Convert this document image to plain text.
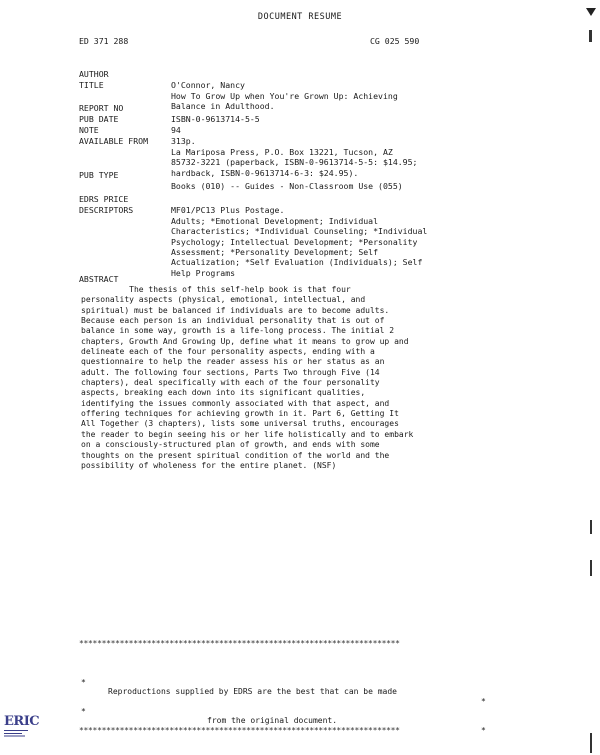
DOCUMENT RESUME
ED 371 288	CG 025 590

AUTHOR

O'Connor, Nancy

TITLE

How To Grow Up when You're Grown Up: Achieving
Balance in Adulthood.

REPORT NO

ISBN-0-9613714-5-5

PUB DATE

94

NOTE

313p.

AVAILABLE FROM

La Mariposa Press, P.O. Box 13221, Tucson, AZ
85732-3221 (paperback, ISBN-0-9613714-5-5: $14.95;
hardback, ISBN-0-9613714-6-3: $24.95).

PUB TYPE

Books (010) -- Guides - Non-Classroom Use (055)

EDRS PRICE

MF01/PC13 Plus Postage.

DESCRIPTORS

Adults; *Emotional Development; Individual
Characteristics; *Individual Counseling; *Individual
Psychology; Intellectual Development; *Personality
Assessment; *Personality Development; Self
Actualization; *Self Evaluation (Individuals); Self
Help Programs

ABSTRACT
The thesis of this self-help book is that four
personality aspects (physical, emotional, intellectual, and
spiritual) must be balanced if individuals are to become adults.
Because each person is an individual personality that is out of
balance in some way, growth is a life-long process. The initial 2
chapters, Growth And Growing Up, define what it means to grow up and
delineate each of the four personality aspects, ending with a
questionnaire to help the reader assess his or her status as an
adult. The following four sections, Parts Two through Five (14
chapters), deal specifically with each of the four personality
aspects, breaking each down into its significant qualities,
identifying the issues commonly associated with that aspect, and
offering techniques for achieving growth in it. Part 6, Getting It
All Together (3 chapters), lists some universal truths, encourages
the reader to begin seeing his or her life holistically and to embark
on a consciously-structured plan of growth, and ends with some
thoughts on the present spiritual condition of the world and the
possibility of wholeness for the entire planet. (NSF)

***********************************************************************

*

Reproductions supplied by EDRS are the best that can be made

*

*

from the original document.

*

***********************************************************************

ERIC
